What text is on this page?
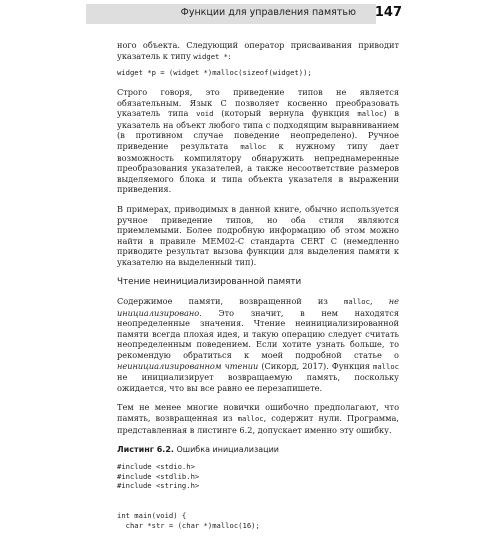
Функции для управления памятью 147

ного объекта. Следующий оператор присваивания приводит указатель к типу widget *:

widget *p = (widget *)malloc(sizeof(widget));

Строго говоря, это приведение типов не является обязательным. Язык C позволяет косвенно преобразовать указатель типа void (который вернула функция malloc) в указатель на объект любого типа с подходящим выравниванием (в противном случае поведение неопределено). Ручное приведение результата malloc к нужному типу дает возможность компилятору обнаружить непреднамеренные преобразования указателей, а также несоответствие размеров выделяемого блока и типа объекта указателя в выражении приведения.

В примерах, приводимых в данной книге, обычно используется ручное приведение типов, но оба стиля являются приемлемыми. Более подробную информацию об этом можно найти в правиле MEM02-C стандарта CERT C (немедленно приводите результат вызова функции для выделения памяти к указателю на выделенный тип).

Чтение неинициализированной памяти

Содержимое памяти, возвращенной из malloc, не инициализировано. Это значит, в нем находятся неопределенные значения. Чтение неинициализированной памяти всегда плохая идея, и такую операцию следует считать неопределенным поведением. Если хотите узнать больше, то рекомендую обратиться к моей подробной статье о неинициализированном чтении (Сикорд, 2017). Функция malloc не инициализирует возвращаемую память, поскольку ожидается, что вы все равно ее перезапишете.

Тем не менее многие новички ошибочно предполагают, что память, возвращенная из malloc, содержит нули. Программа, представленная в листинге 6.2, допускает именно эту ошибку.

Листинг 6.2. Ошибка инициализации
#include <stdio.h>
#include <stdlib.h>
#include <string.h>

int main(void) {
char *str = (char *)malloc(16);
